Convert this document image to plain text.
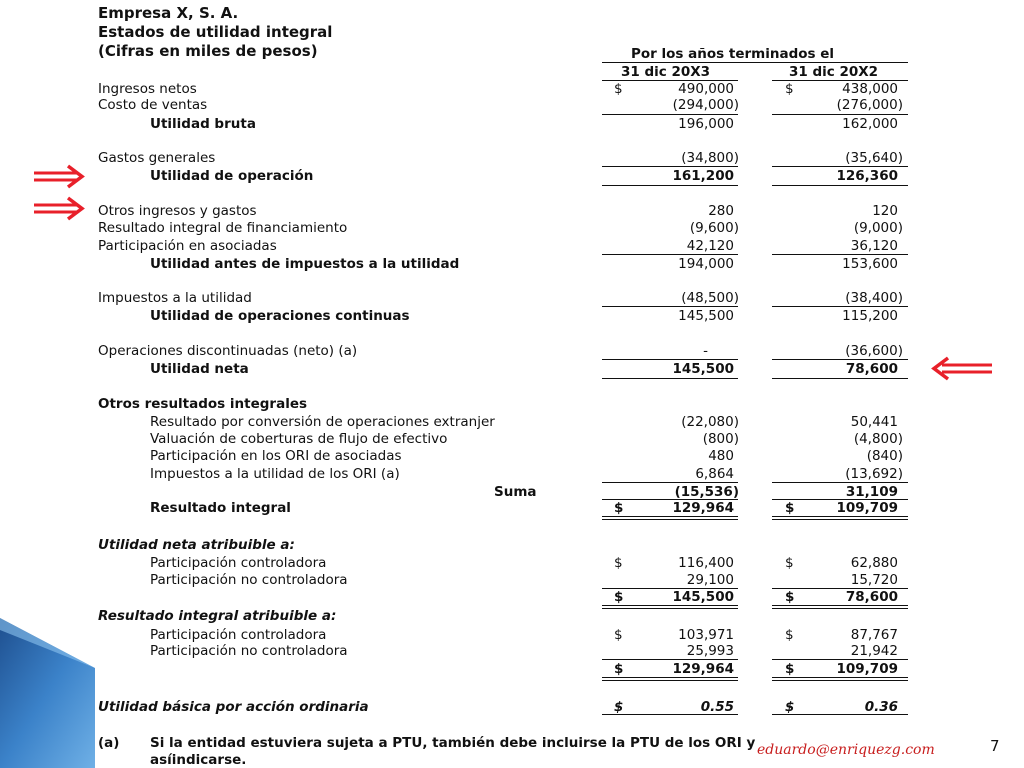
Empresa X, S. A.
Estados de utilidad integral
(Cifras en miles de pesos)	Por los años terminados el
31 dic 20X3	31 dic 20X2
Ingresos netos	$	490,000	$	438,000
Costo de ventas	(294,000)	(276,000)
Utilidad bruta	196,000	162,000
Gastos generales	(34,800)	(35,640)
Utilidad de operación	161,200	126,360
Otros ingresos y gastos	280	120
Resultado integral de financiamiento	(9,600)	(9,000)
Participación en asociadas	42,120	36,120
Utilidad antes de impuestos a la utilidad	194,000	153,600
Impuestos a la utilidad	(48,500)	(38,400)
Utilidad de operaciones continuas	145,500	115,200
Operaciones discontinuadas (neto) (a)	-	(36,600)
Utilidad neta	145,500	78,600
Otros resultados integrales
Resultado por conversión de operaciones extranjer	(22,080)	50,441
Valuación de coberturas de flujo de efectivo	(800)	(4,800)
Participación en los ORI de asociadas	480	(840)
Impuestos a la utilidad de los ORI (a)	6,864	(13,692)
Suma	(15,536)	31,109
Resultado integral	$	129,964	$	109,709
Utilidad neta atribuible a:
Participación controladora	$	116,400	$	62,880
Participación no controladora	29,100	15,720
$	145,500	$	78,600
Resultado integral atribuible a:
Participación controladora	$	103,971	$	87,767
Participación no controladora	25,993	21,942
$	129,964	$	109,709
Utilidad básica por acción ordinaria	$	0.55	$	0.36
(a) Si la entidad estuviera sujeta a PTU, también debe incluirse la PTU de los ORI y
asíindicarse.
eduardo@enriquezg.com	7
